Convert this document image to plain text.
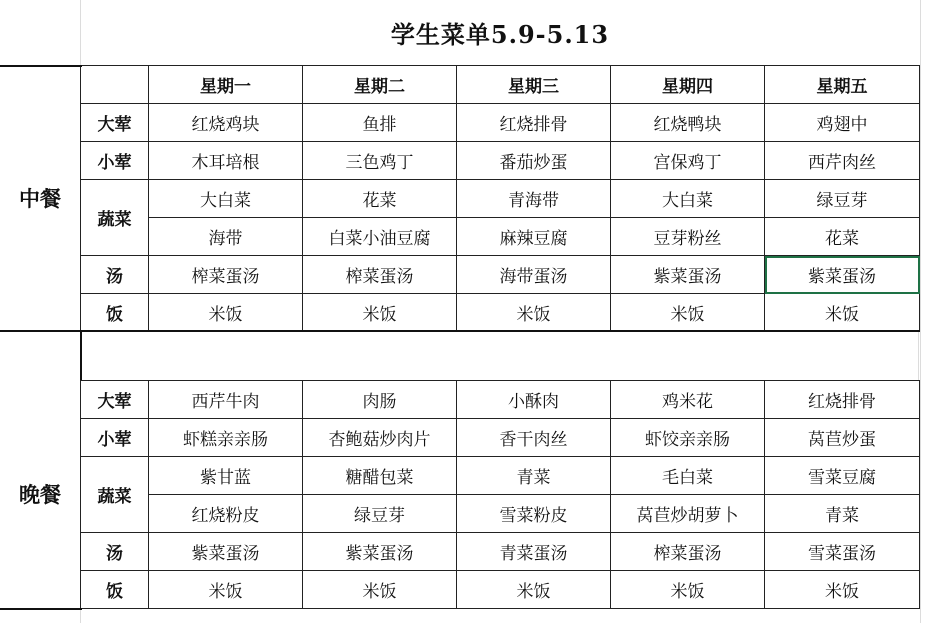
学生菜单5.9-5.13
中餐
	星期一	星期二	星期三	星期四	星期五
大荤	红烧鸡块	鱼排	红烧排骨	红烧鸭块	鸡翅中
小荤	木耳培根	三色鸡丁	番茄炒蛋	宫保鸡丁	西芹肉丝
蔬菜	大白菜	花菜	青海带	大白菜	绿豆芽
	海带	白菜小油豆腐	麻辣豆腐	豆芽粉丝	花菜
汤	榨菜蛋汤	榨菜蛋汤	海带蛋汤	紫菜蛋汤	紫菜蛋汤
饭	米饭	米饭	米饭	米饭	米饭
晚餐
大荤	西芹牛肉	肉肠	小酥肉	鸡米花	红烧排骨
小荤	虾糕亲亲肠	杏鲍菇炒肉片	香干肉丝	虾饺亲亲肠	莴苣炒蛋
蔬菜	紫甘蓝	糖醋包菜	青菜	毛白菜	雪菜豆腐
	红烧粉皮	绿豆芽	雪菜粉皮	莴苣炒胡萝卜	青菜
汤	紫菜蛋汤	紫菜蛋汤	青菜蛋汤	榨菜蛋汤	雪菜蛋汤
饭	米饭	米饭	米饭	米饭	米饭
